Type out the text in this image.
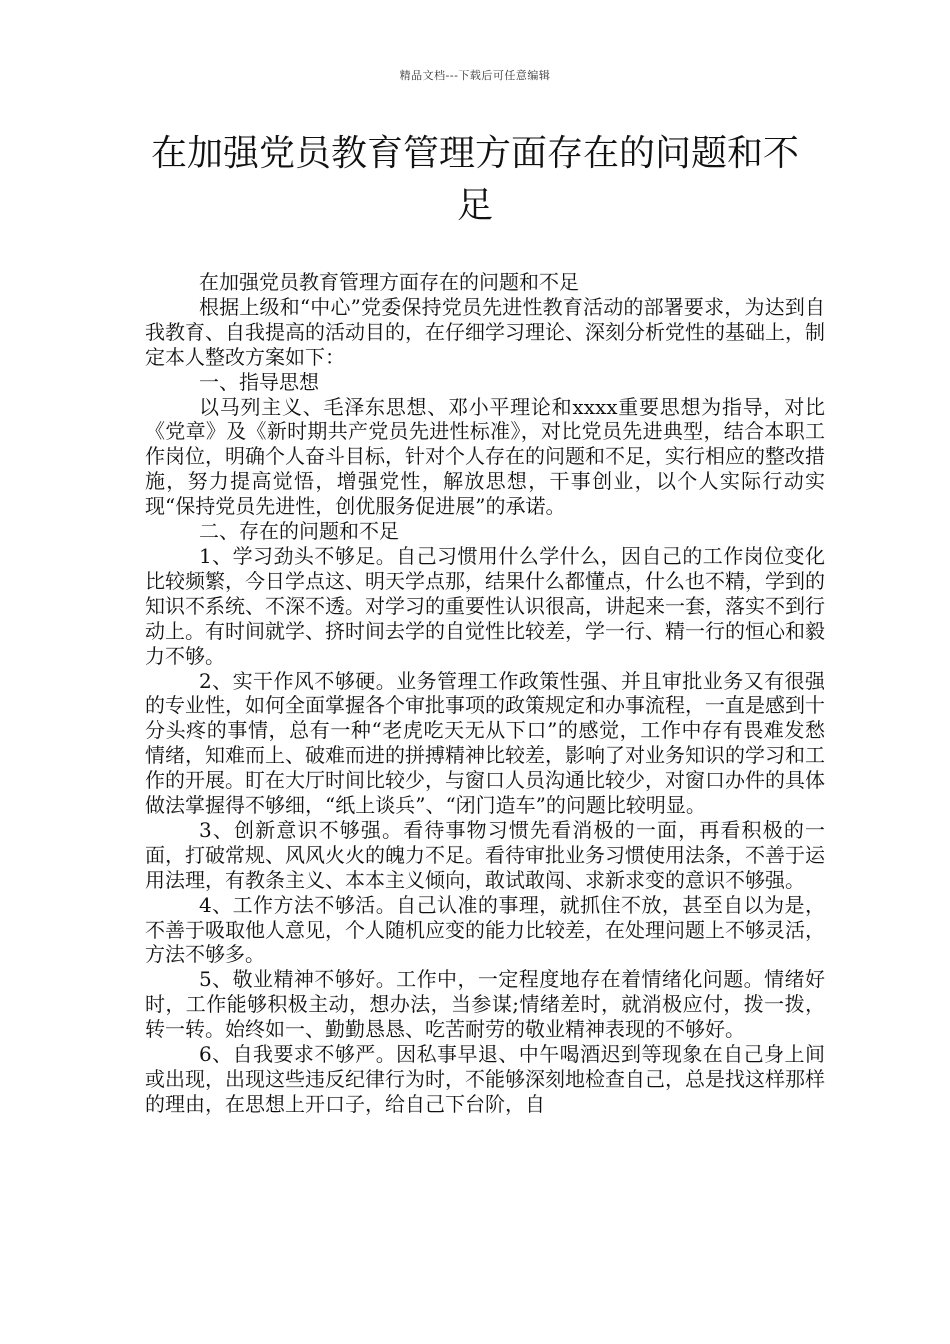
精品文档---下载后可任意编辑
在加强党员教育管理方面存在的问题和不足

在加强党员教育管理方面存在的问题和不足

根据上级和“中心”党委保持党员先进性教育活动的部署要求，为达到自我教育、自我提高的活动目的，在仔细学习理论、深刻分析党性的基础上，制定本人整改方案如下：

一、指导思想

以马列主义、毛泽东思想、邓小平理论和xxxx重要思想为指导，对比《党章》及《新时期共产党员先进性标准》，对比党员先进典型，结合本职工作岗位，明确个人奋斗目标，针对个人存在的问题和不足，实行相应的整改措施，努力提高觉悟，增强党性，解放思想，干事创业，以个人实际行动实现“保持党员先进性，创优服务促进展”的承诺。

二、存在的问题和不足

1、学习劲头不够足。自己习惯用什么学什么，因自己的工作岗位变化比较频繁，今日学点这、明天学点那，结果什么都懂点，什么也不精，学到的知识不系统、不深不透。对学习的重要性认识很高，讲起来一套，落实不到行动上。有时间就学、挤时间去学的自觉性比较差，学一行、精一行的恒心和毅力不够。

2、实干作风不够硬。业务管理工作政策性强、并且审批业务又有很强的专业性，如何全面掌握各个审批事项的政策规定和办事流程，一直是感到十分头疼的事情，总有一种“老虎吃天无从下口”的感觉，工作中存有畏难发愁情绪，知难而上、破难而进的拼搏精神比较差，影响了对业务知识的学习和工作的开展。盯在大厅时间比较少，与窗口人员沟通比较少，对窗口办件的具体做法掌握得不够细，“纸上谈兵”、“闭门造车”的问题比较明显。

3、创新意识不够强。看待事物习惯先看消极的一面，再看积极的一面，打破常规、风风火火的魄力不足。看待审批业务习惯使用法条，不善于运用法理，有教条主义、本本主义倾向，敢试敢闯、求新求变的意识不够强。

4、工作方法不够活。自己认准的事理，就抓住不放，甚至自以为是，不善于吸取他人意见，个人随机应变的能力比较差，在处理问题上不够灵活，方法不够多。

5、敬业精神不够好。工作中，一定程度地存在着情绪化问题。情绪好时，工作能够积极主动，想办法，当参谋;情绪差时，就消极应付，拨一拨，转一转。始终如一、勤勤恳恳、吃苦耐劳的敬业精神表现的不够好。

6、自我要求不够严。因私事早退、中午喝酒迟到等现象在自己身上间或出现，出现这些违反纪律行为时，不能够深刻地检查自己，总是找这样那样的理由，在思想上开口子，给自己下台阶，自
